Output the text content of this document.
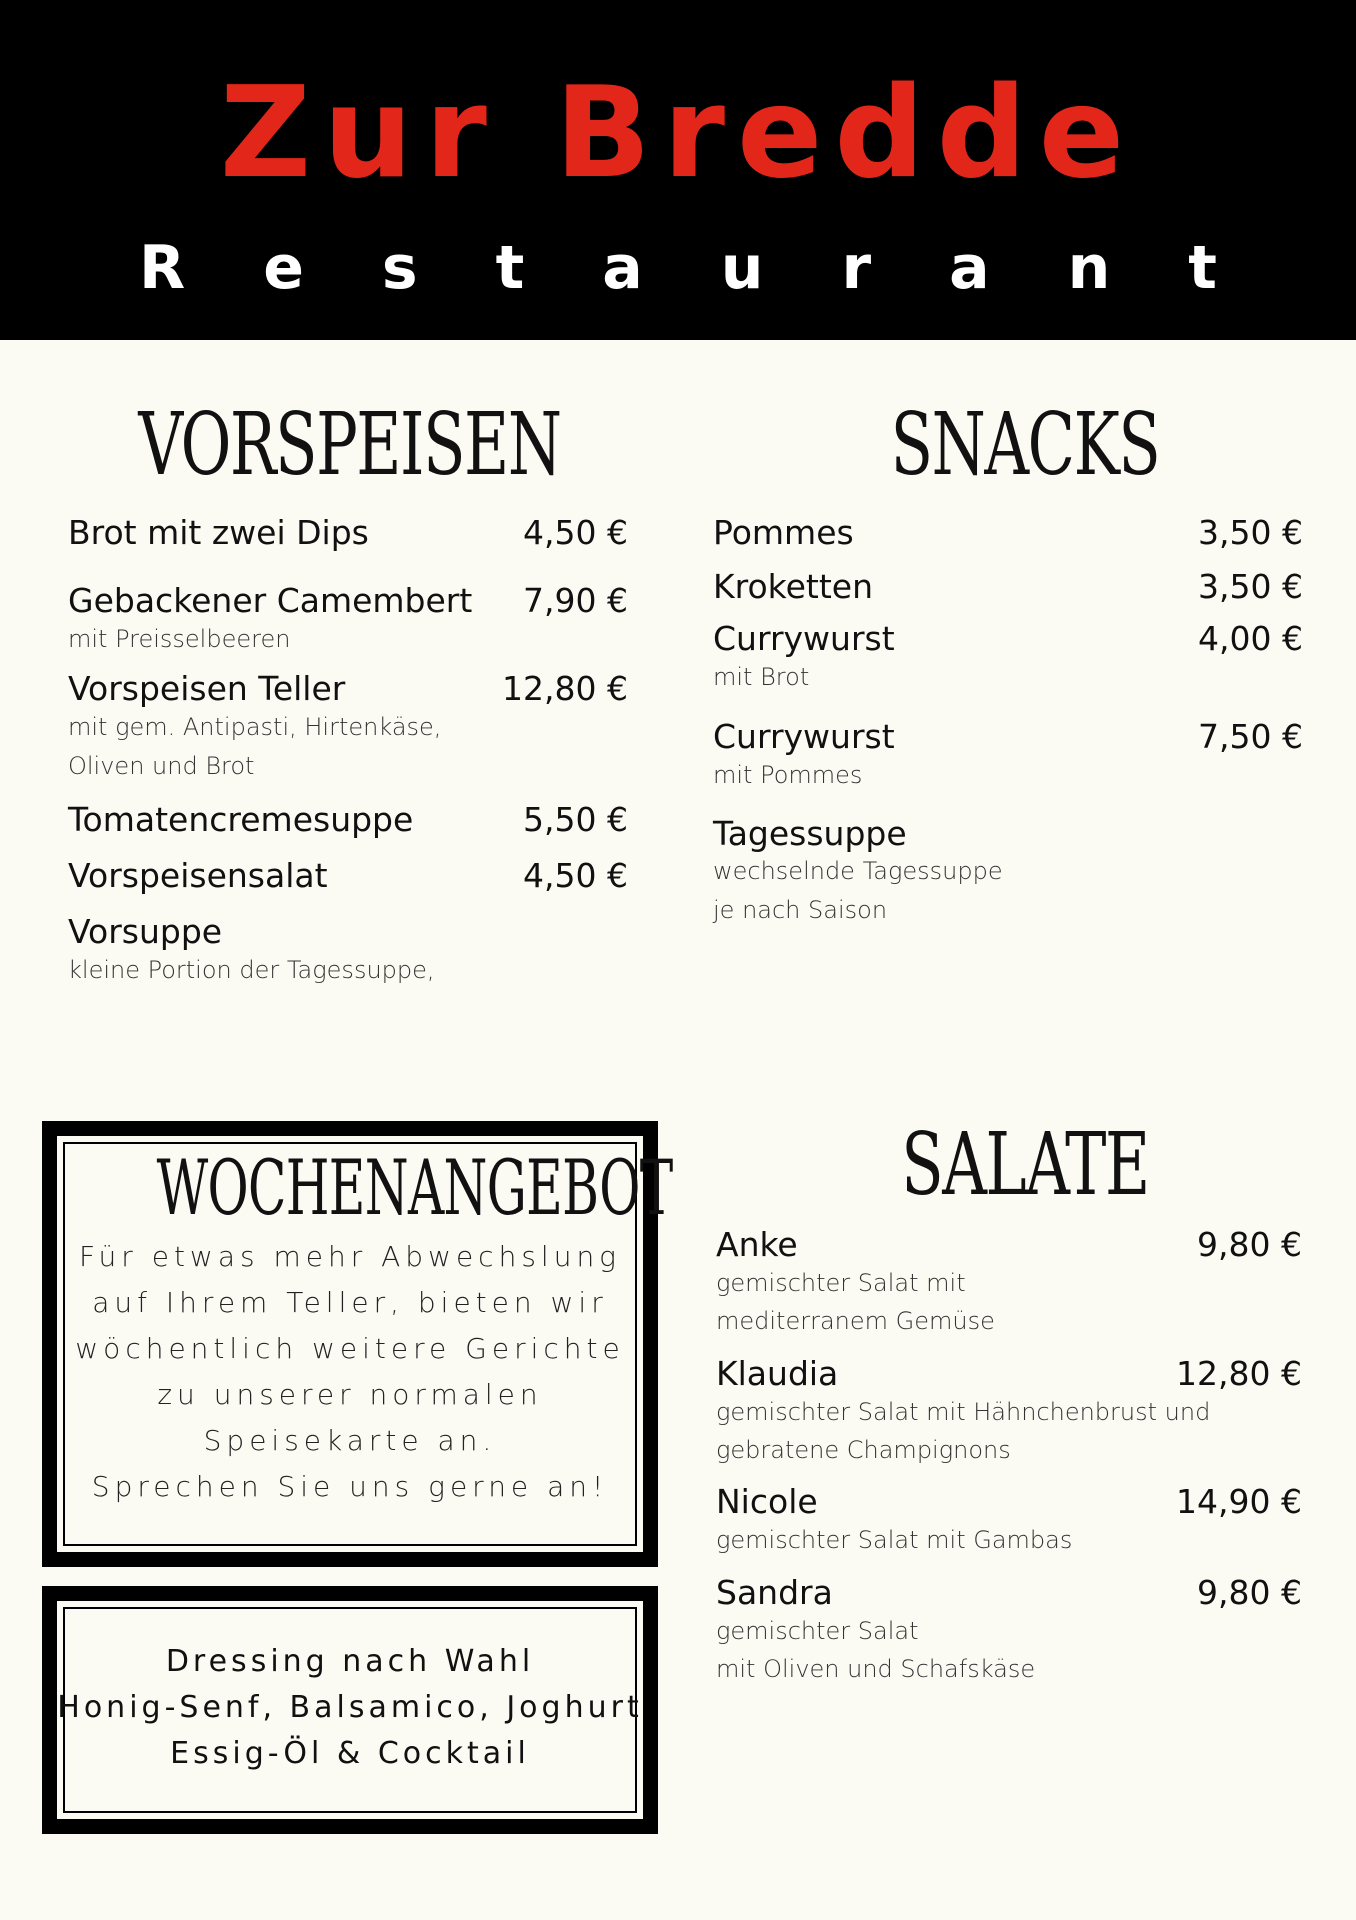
Zur Bredde
Restaurant
VORSPEISEN
Brot mit zwei Dips	4,50 €
Gebackener Camembert	7,90 €
mit Preisselbeeren
Vorspeisen Teller	12,80 €
mit gem. Antipasti, Hirtenkäse,
Oliven und Brot
Tomatencremesuppe	5,50 €
Vorspeisensalat	4,50 €
Vorsuppe
kleine Portion der Tagessuppe,
SNACKS
Pommes	3,50 €
Kroketten	3,50 €
Currywurst	4,00 €
mit Brot
Currywurst	7,50 €
mit Pommes
Tagessuppe
wechselnde Tagessuppe
je nach Saison
WOCHENANGEBOT
Für etwas mehr Abwechslung
auf Ihrem Teller, bieten wir
wöchentlich weitere Gerichte
zu unserer normalen
Speisekarte an.
Sprechen Sie uns gerne an!
Dressing nach Wahl
Honig-Senf, Balsamico, Joghurt
Essig-Öl & Cocktail
SALATE
Anke	9,80 €
gemischter Salat mit
mediterranem Gemüse
Klaudia	12,80 €
gemischter Salat mit Hähnchenbrust und
gebratene Champignons
Nicole	14,90 €
gemischter Salat mit Gambas
Sandra	9,80 €
gemischter Salat
mit Oliven und Schafskäse
